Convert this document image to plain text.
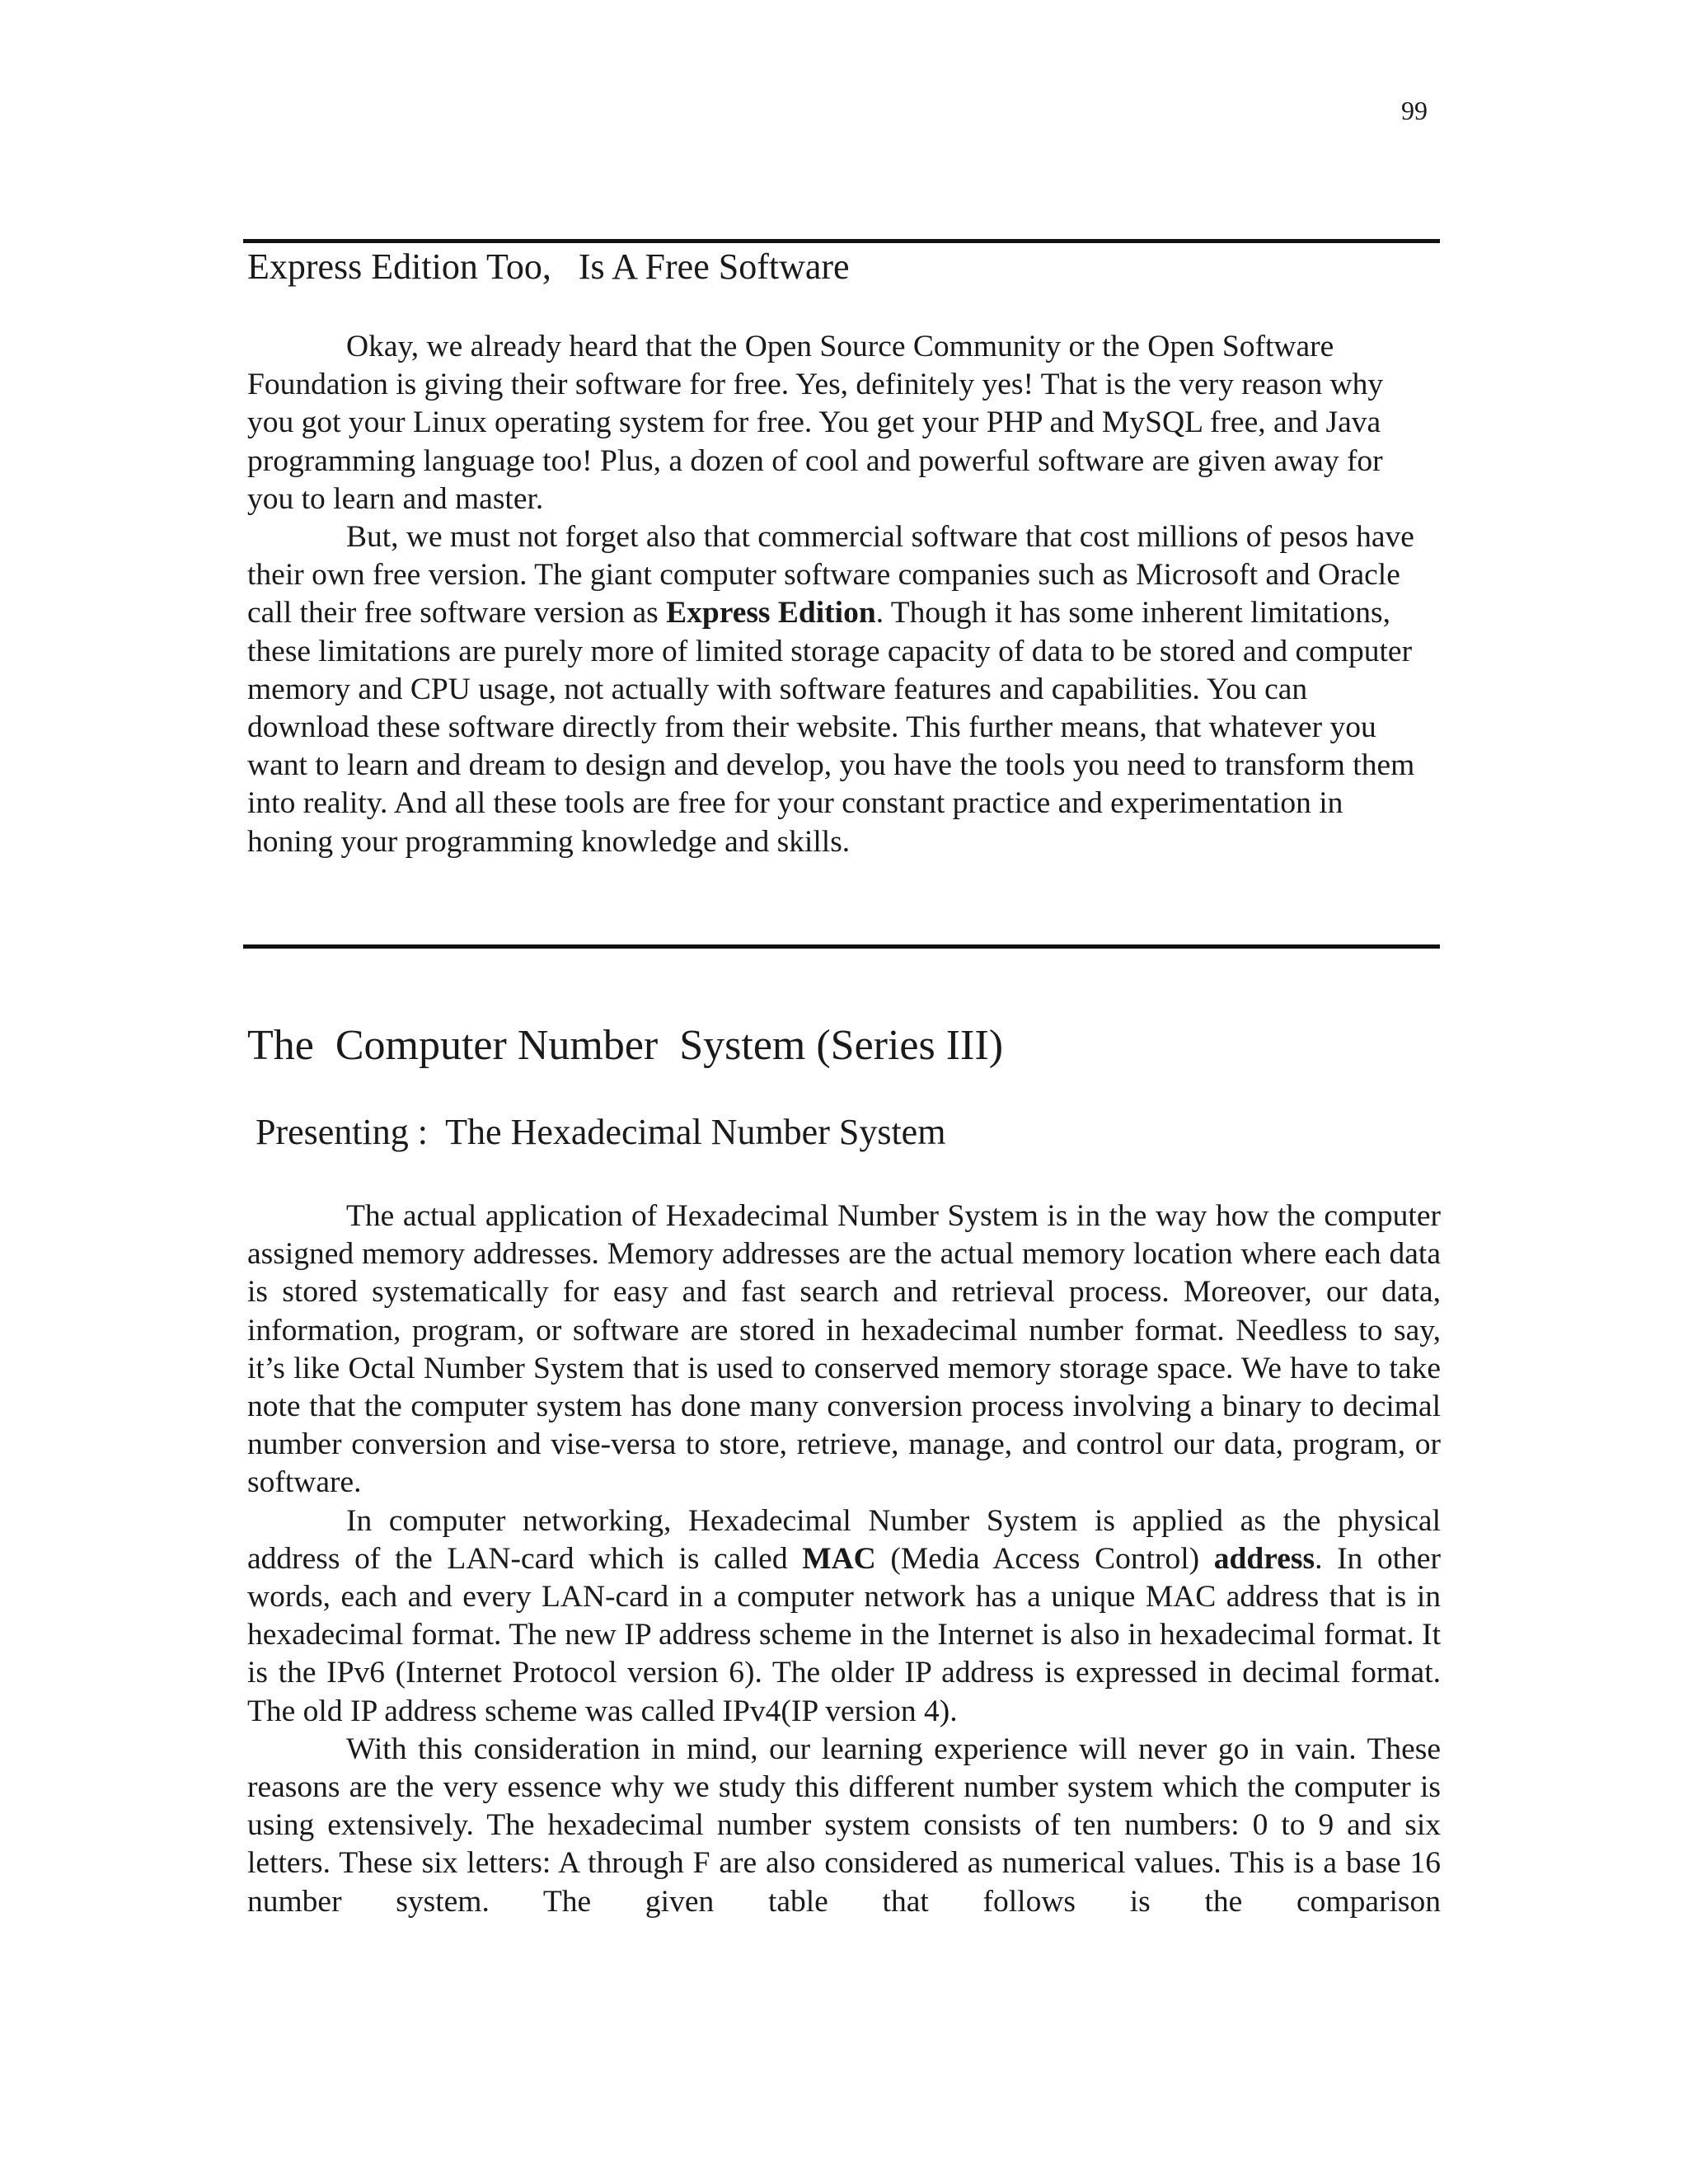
99
Express Edition Too,   Is A Free Software

Okay, we already heard that the Open Source Community or the Open Software Foundation is giving their software for free. Yes, definitely yes! That is the very reason why you got your Linux operating system for free. You get your PHP and MySQL free, and Java programming language too! Plus, a dozen of cool and powerful software are given away for you to learn and master.

But, we must not forget also that commercial software that cost millions of pesos have their own free version. The giant computer software companies such as Microsoft and Oracle call their free software version as Express Edition. Though it has some inherent limitations, these limitations are purely more of limited storage capacity of data to be stored and computer memory and CPU usage, not actually with software features and capabilities. You can download these software directly from their website. This further means, that whatever you want to learn and dream to design and develop, you have the tools you need to transform them into reality. And all these tools are free for your constant practice and experimentation in honing your programming knowledge and skills.

The  Computer Number  System (Series III)
Presenting :  The Hexadecimal Number System

The actual application of Hexadecimal Number System is in the way how the computer assigned memory addresses. Memory addresses are the actual memory location where each data is stored systematically for easy and fast search and retrieval process. Moreover, our data, information, program, or software are stored in hexadecimal number format. Needless to say, it’s like Octal Number System that is used to conserved memory storage space. We have to take note that the computer system has done many conversion process involving a binary to decimal number conversion and vise-versa to store, retrieve, manage, and control our data, program, or software.

In computer networking, Hexadecimal Number System is applied as the physical address of the LAN-card which is called MAC (Media Access Control) address. In other words, each and every LAN-card in a computer network has a unique MAC address that is in hexadecimal format. The new IP address scheme in the Internet is also in hexadecimal format. It is the IPv6 (Internet Protocol version 6). The older IP address is expressed in decimal format. The old IP address scheme was called IPv4(IP version 4).

With this consideration in mind, our learning experience will never go in vain. These reasons are the very essence why we study this different number system which the computer is using extensively. The hexadecimal number system consists of ten numbers: 0 to 9 and six letters. These six letters: A through F are also considered as numerical values. This is a base 16 number system. The given table that follows is the comparison
